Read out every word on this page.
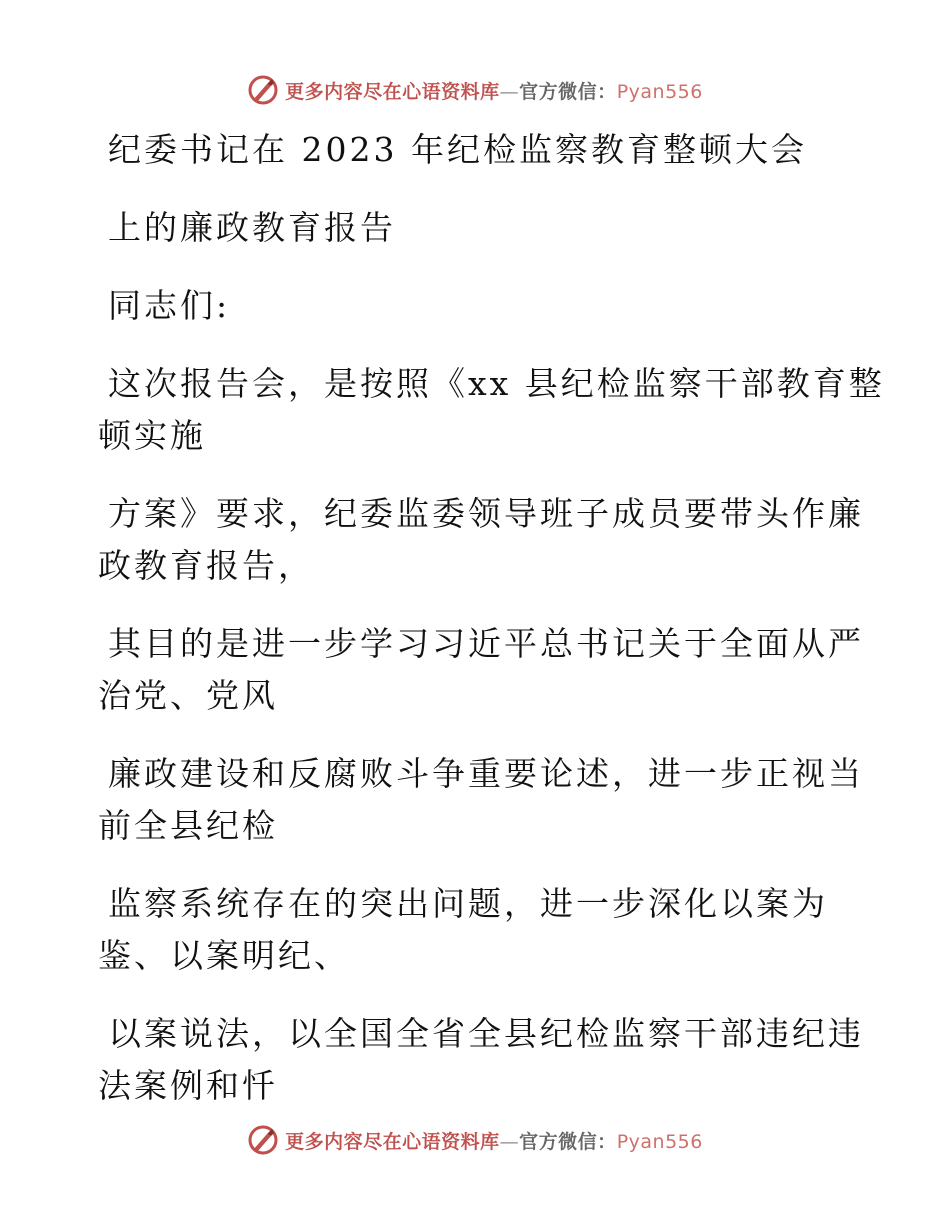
更多内容尽在心语资料库—官方微信：Pyan556

纪委书记在 2023 年纪检监察教育整顿大会

上的廉政教育报告

同志们:

这次报告会，是按照《xx 县纪检监察干部教育整
顿实施

方案》要求，纪委监委领导班子成员要带头作廉
政教育报告，

其目的是进一步学习习近平总书记关于全面从严
治党、党风

廉政建设和反腐败斗争重要论述，进一步正视当
前全县纪检

监察系统存在的突出问题，进一步深化以案为
鉴、以案明纪、

以案说法，以全国全省全县纪检监察干部违纪违
法案例和忏

更多内容尽在心语资料库—官方微信：Pyan556
